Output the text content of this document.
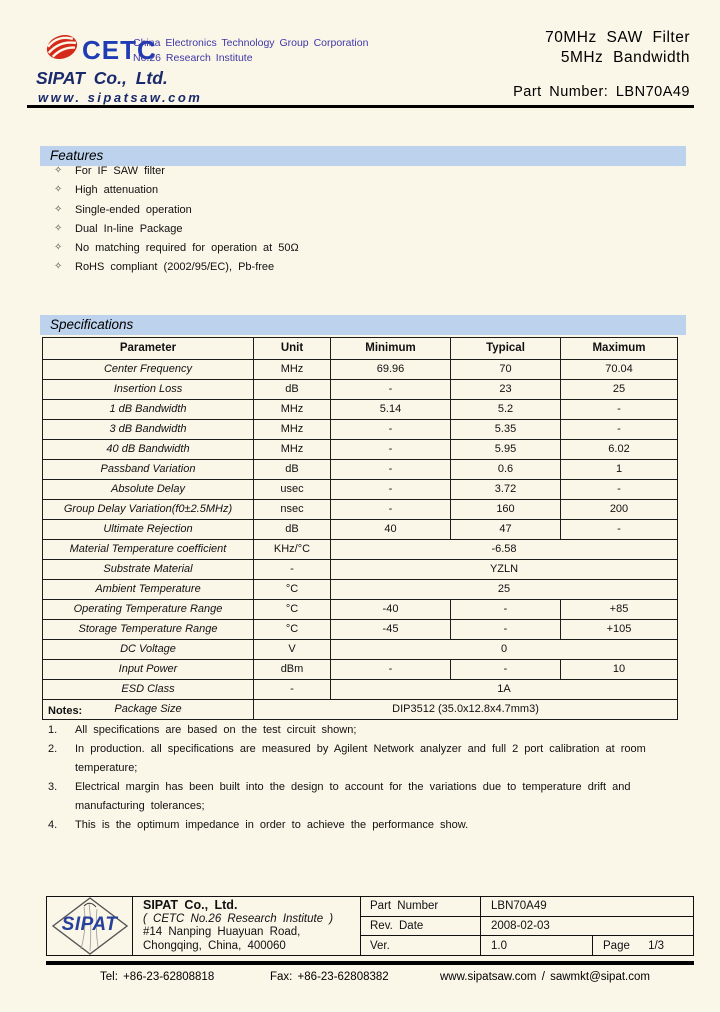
CETC
China Electronics Technology Group Corporation
No.26 Research Institute
SIPAT Co., Ltd.
www. sipatsaw.com
70MHz SAW Filter
5MHz Bandwidth
Part Number: LBN70A49
Features
✧	For IF SAW filter
✧	High attenuation
✧	Single-ended operation
✧	Dual In-line Package
✧	No matching required for operation at 50Ω
✧	RoHS compliant (2002/95/EC), Pb-free
Specifications
Parameter	Unit	Minimum	Typical	Maximum
Center Frequency	MHz	69.96	70	70.04
Insertion Loss	dB	-	23	25
1 dB Bandwidth	MHz	5.14	5.2	-
3 dB Bandwidth	MHz	-	5.35	-
40 dB Bandwidth	MHz	-	5.95	6.02
Passband Variation	dB	-	0.6	1
Absolute Delay	usec	-	3.72	-
Group Delay Variation(f0±2.5MHz)	nsec	-	160	200
Ultimate Rejection	dB	40	47	-
Material Temperature coefficient	KHz/°C	-6.58		
Substrate Material	-	YZLN		
Ambient Temperature	°C	25		
Operating Temperature Range	°C	-40	-	+85
Storage Temperature Range	°C	-45	-	+105
DC Voltage	V	0		
Input Power	dBm	-	-	10
ESD Class	-	1A		
Package Size	DIP3512 (35.0x12.8x4.7mm3)			
Notes:
1.	All specifications are based on the test circuit shown;
2.	In production. all specifications are measured by Agilent Network analyzer and full 2 port calibration at room temperature;
3.	Electrical margin has been built into the design to account for the variations due to temperature drift and manufacturing tolerances;
4.	This is the optimum impedance in order to achieve the performance show.
SIPAT	SIPAT Co., Ltd.
( CETC No.26 Research Institute )
#14 Nanping Huayuan Road,
Chongqing, China, 400060	Part Number	LBN70A49	
		Rev. Date	2008-02-03	
		Ver.	1.0	Page 1/3
Tel: +86-23-62808818	Fax: +86-23-62808382	www.sipatsaw.com / sawmkt@sipat.com
